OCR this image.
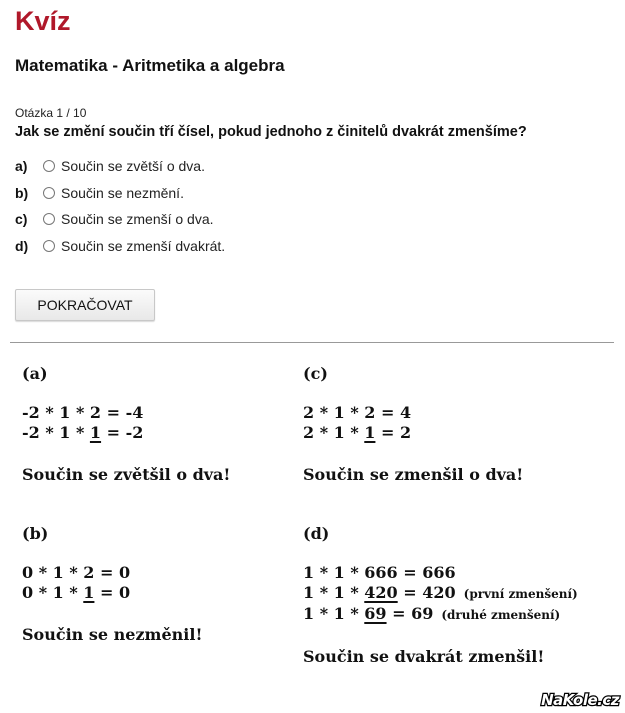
Kvíz
Matematika - Aritmetika a algebra
Otázka 1 / 10
Jak se změní součin tří čísel, pokud jednoho z činitelů dvakrát zmenšíme?
a)	Součin se zvětší o dva.
b)	Součin se nezmění.
c)	Součin se zmenší o dva.
d)	Součin se zmenší dvakrát.
POKRAČOVAT
(a)
-2 * 1 * 2 = -4
-2 * 1 * 1 = -2
Součin se zvětšil o dva!
(c)
2 * 1 * 2 = 4
2 * 1 * 1 = 2
Součin se zmenšil o dva!
(b)
0 * 1 * 2 = 0
0 * 1 * 1 = 0
Součin se nezměnil!
(d)
1 * 1 * 666 = 666
1 * 1 * 420 = 420 (první zmenšení)
1 * 1 * 69 = 69 (druhé zmenšení)
Součin se dvakrát zmenšil!
NaKole.cz
